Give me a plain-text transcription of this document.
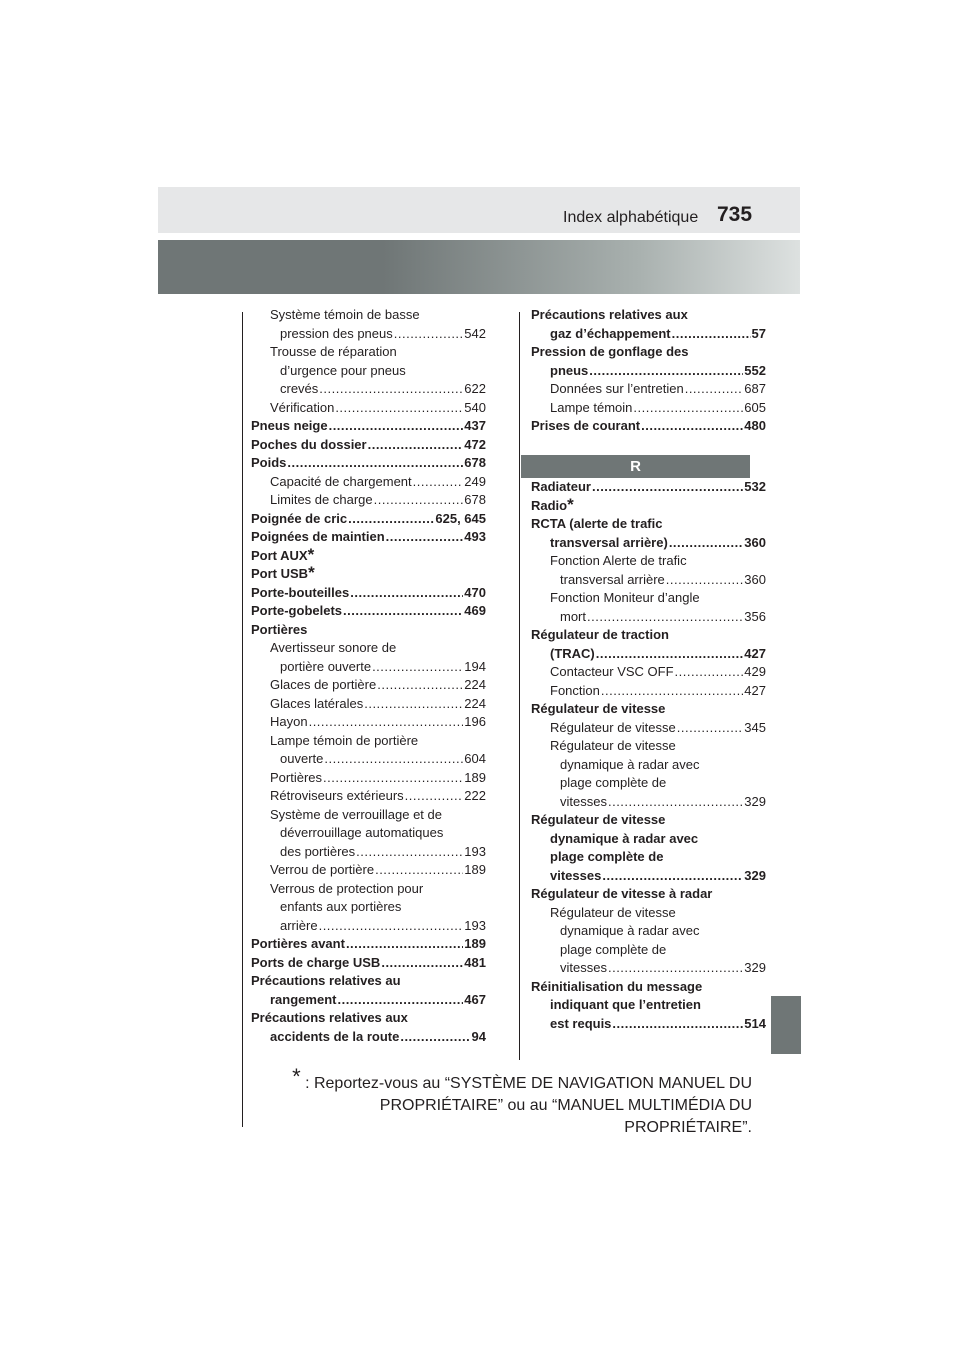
Index alphabétique 735
Système témoin de basse
pression des pneus .....	542
Trousse de réparation
d’urgence pour pneus
crevés .....	622
Vérification .....	540
Pneus neige .....	437
Poches du dossier .....	472
Poids .....	678
Capacité de chargement .....	249
Limites de charge .....	678
Poignée de cric .....	625, 645
Poignées de maintien .....	493
Port AUX *
Port USB *
Porte-bouteilles .....	470
Porte-gobelets .....	469
Portières
Avertisseur sonore de
portière ouverte .....	194
Glaces de portière .....	224
Glaces latérales .....	224
Hayon .....	196
Lampe témoin de portière
ouverte .....	604
Portières .....	189
Rétroviseurs extérieurs .....	222
Système de verrouillage et de
déverrouillage automatiques
des portières .....	193
Verrou de portière .....	189
Verrous de protection pour
enfants aux portières
arrière .....	193
Portières avant .....	189
Ports de charge USB .....	481
Précautions relatives au
rangement .....	467
Précautions relatives aux
accidents de la route .....	94
Précautions relatives aux
gaz d’échappement .....	57
Pression de gonflage des
pneus .....	552
Données sur l’entretien .....	687
Lampe témoin .....	605
Prises de courant .....	480
Radiateur .....	532
Radio *
RCTA (alerte de trafic
transversal arrière) .....	360
Fonction Alerte de trafic
transversal arrière .....	360
Fonction Moniteur d’angle
mort .....	356
Régulateur de traction
(TRAC) .....	427
Contacteur VSC OFF .....	429
Fonction .....	427
Régulateur de vitesse
Régulateur de vitesse .....	345
Régulateur de vitesse
dynamique à radar avec
plage complète de
vitesses .....	329
Régulateur de vitesse
dynamique à radar avec
plage complète de
vitesses .....	329
Régulateur de vitesse à radar
Régulateur de vitesse
dynamique à radar avec
plage complète de
vitesses .....	329
Réinitialisation du message
indiquant que l’entretien
est requis .....	514
R
* : Reportez-vous au “SYSTÈME DE NAVIGATION MANUEL DU
PROPRIÉTAIRE” ou au “MANUEL MULTIMÉDIA DU PROPRIÉTAIRE”.
